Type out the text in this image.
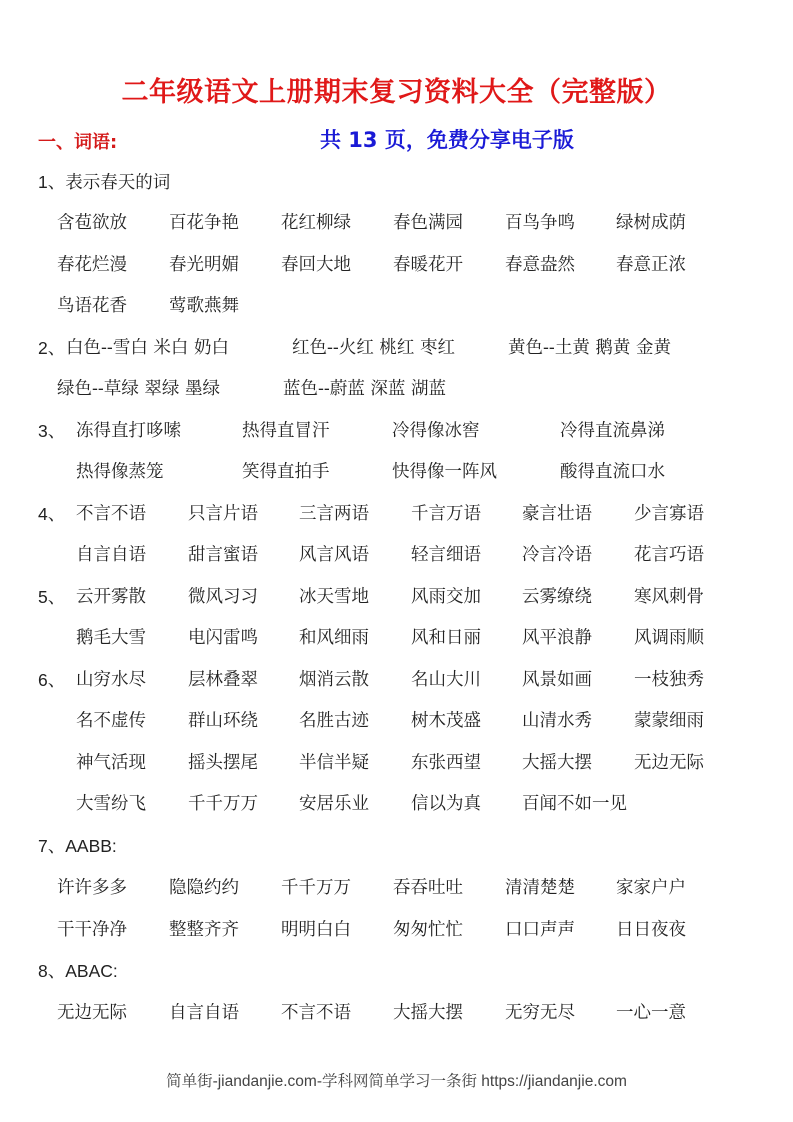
二年级语文上册期末复习资料大全（完整版）
一、词语:	共 13 页，免费分享电子版
1、表示春天的词
含苞欲放 百花争艳 花红柳绿 春色满园 百鸟争鸣 绿树成荫
春花烂漫 春光明媚 春回大地 春暖花开 春意盎然 春意正浓
鸟语花香 莺歌燕舞
2、 白色--雪白 米白 奶白	红色--火红 桃红 枣红	黄色--土黄 鹅黄 金黄
绿色--草绿 翠绿 墨绿	蓝色--蔚蓝 深蓝 湖蓝
3、 冻得直打哆嗦	热得直冒汗	冷得像冰窖	冷得直流鼻涕
热得像蒸笼	笑得直拍手	快得像一阵风	酸得直流口水
4、 不言不语 只言片语 三言两语 千言万语 豪言壮语 少言寡语
自言自语 甜言蜜语 风言风语 轻言细语 冷言冷语 花言巧语
5、 云开雾散 微风习习 冰天雪地 风雨交加 云雾缭绕 寒风刺骨
鹅毛大雪 电闪雷鸣 和风细雨 风和日丽 风平浪静 风调雨顺
6、 山穷水尽 层林叠翠 烟消云散 名山大川 风景如画 一枝独秀
名不虚传 群山环绕 名胜古迹 树木茂盛 山清水秀 蒙蒙细雨
神气活现 摇头摆尾 半信半疑 东张西望 大摇大摆 无边无际
大雪纷飞 千千万万 安居乐业 信以为真 百闻不如一见
7、AABB:
许许多多 隐隐约约 千千万万 吞吞吐吐 清清楚楚 家家户户
干干净净 整整齐齐 明明白白 匆匆忙忙 口口声声 日日夜夜
8、ABAC:
无边无际 自言自语 不言不语 大摇大摆 无穷无尽 一心一意
简单街-jiandanjie.com-学科网简单学习一条街 https://jiandanjie.com
